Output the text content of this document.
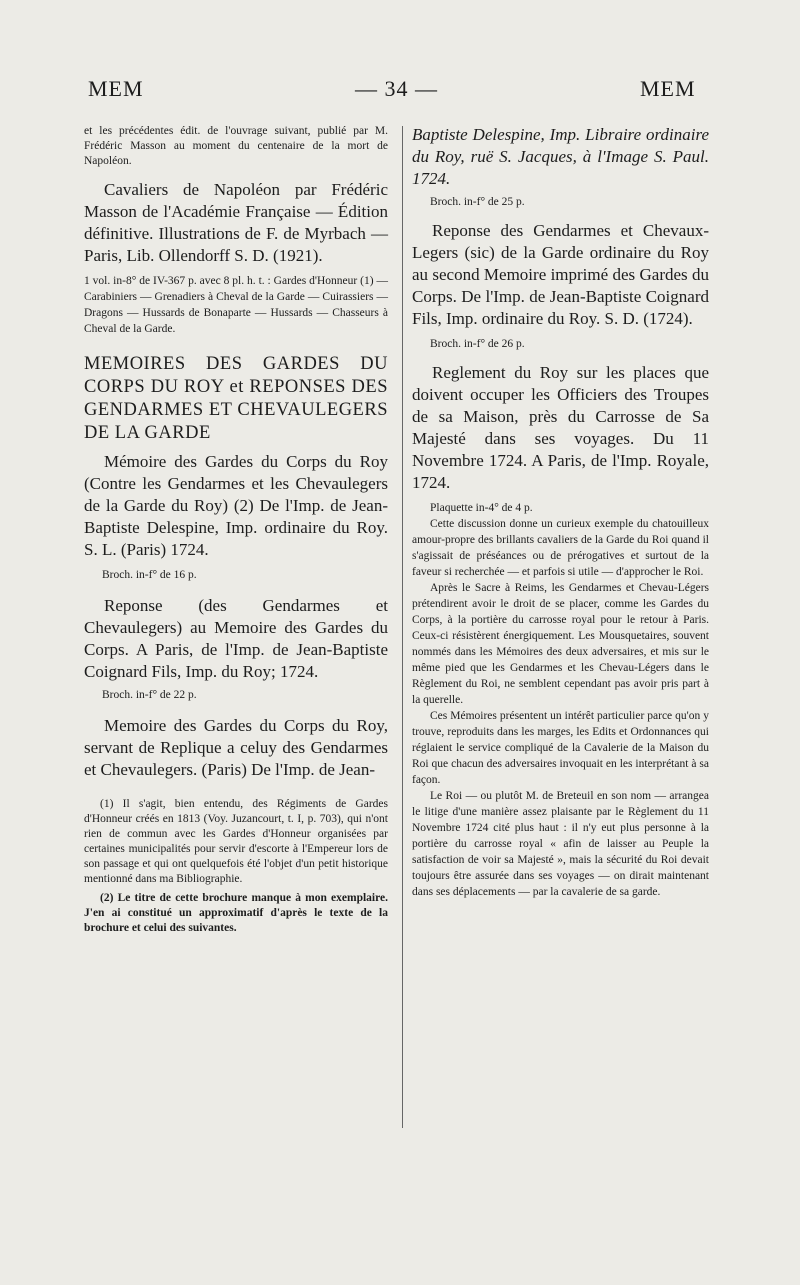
MEM	— 34 —	MEM

et les précédentes édit. de l'ouvrage suivant, publié par M. Frédéric Masson au moment du centenaire de la mort de Napoléon.

Cavaliers de Napoléon par Frédéric Masson de l'Académie Française — Édition définitive. Illustrations de F. de Myrbach — Paris, Lib. Ollendorff S. D. (1921).

1 vol. in-8° de IV-367 p. avec 8 pl. h. t. : Gardes d'Honneur (1) — Carabiniers — Grenadiers à Cheval de la Garde — Cuirassiers — Dragons — Hussards de Bonaparte — Hussards — Chasseurs à Cheval de la Garde.

MEMOIRES DES GARDES DU CORPS DU ROY et REPONSES DES GENDARMES ET CHEVAULEGERS DE LA GARDE

Mémoire des Gardes du Corps du Roy (Contre les Gendarmes et les Chevaulegers de la Garde du Roy) (2) De l'Imp. de Jean-Baptiste Delespine, Imp. ordinaire du Roy. S. L. (Paris) 1724.

Broch. in-f° de 16 p.

Reponse (des Gendarmes et Chevaulegers) au Memoire des Gardes du Corps. A Paris, de l'Imp. de Jean-Baptiste Coignard Fils, Imp. du Roy; 1724.

Broch. in-f° de 22 p.

Memoire des Gardes du Corps du Roy, servant de Replique a celuy des Gendarmes et Chevaulegers. (Paris) De l'Imp. de Jean-

(1) Il s'agit, bien entendu, des Régiments de Gardes d'Honneur créés en 1813 (Voy. Juzancourt, t. I, p. 703), qui n'ont rien de commun avec les Gardes d'Honneur organisées par certaines municipalités pour servir d'escorte à l'Empereur lors de son passage et qui ont quelquefois été l'objet d'un petit historique mentionné dans ma Bibliographie.

(2) Le titre de cette brochure manque à mon exemplaire. J'en ai constitué un approximatif d'après le texte de la brochure et celui des suivantes.

Baptiste Delespine, Imp. Libraire ordinaire du Roy, ruë S. Jacques, à l'Image S. Paul. 1724.

Broch. in-f° de 25 p.

Reponse des Gendarmes et Chevaux-Legers (sic) de la Garde ordinaire du Roy au second Memoire imprimé des Gardes du Corps. De l'Imp. de Jean-Baptiste Coignard Fils, Imp. ordinaire du Roy. S. D. (1724).

Broch. in-f° de 26 p.

Reglement du Roy sur les places que doivent occuper les Officiers des Troupes de sa Maison, près du Carrosse de Sa Majesté dans ses voyages. Du 11 Novembre 1724. A Paris, de l'Imp. Royale, 1724.

Plaquette in-4° de 4 p.

Cette discussion donne un curieux exemple du chatouilleux amour-propre des brillants cavaliers de la Garde du Roi quand il s'agissait de préséances ou de prérogatives et surtout de la faveur si recherchée — et parfois si utile — d'approcher le Roi.

Après le Sacre à Reims, les Gendarmes et Chevau-Légers prétendirent avoir le droit de se placer, comme les Gardes du Corps, à la portière du carrosse royal pour le retour à Paris. Ceux-ci résistèrent énergiquement. Les Mousquetaires, souvent nommés dans les Mémoires des deux adversaires, et mis sur le même pied que les Gendarmes et les Chevau-Légers dans le Règlement du Roi, ne semblent cependant pas avoir pris part à la querelle.

Ces Mémoires présentent un intérêt particulier parce qu'on y trouve, reproduits dans les marges, les Edits et Ordonnances qui réglaient le service compliqué de la Cavalerie de la Maison du Roi que chacun des adversaires invoquait en les interprétant à sa façon.

Le Roi — ou plutôt M. de Breteuil en son nom — arrangea le litige d'une manière assez plaisante par le Règlement du 11 Novembre 1724 cité plus haut : il n'y eut plus personne à la portière du carrosse royal « afin de laisser au Peuple la satisfaction de voir sa Majesté », mais la sécurité du Roi devait toujours être assurée dans ses voyages — on dirait maintenant dans ses déplacements — par la cavalerie de sa garde.
